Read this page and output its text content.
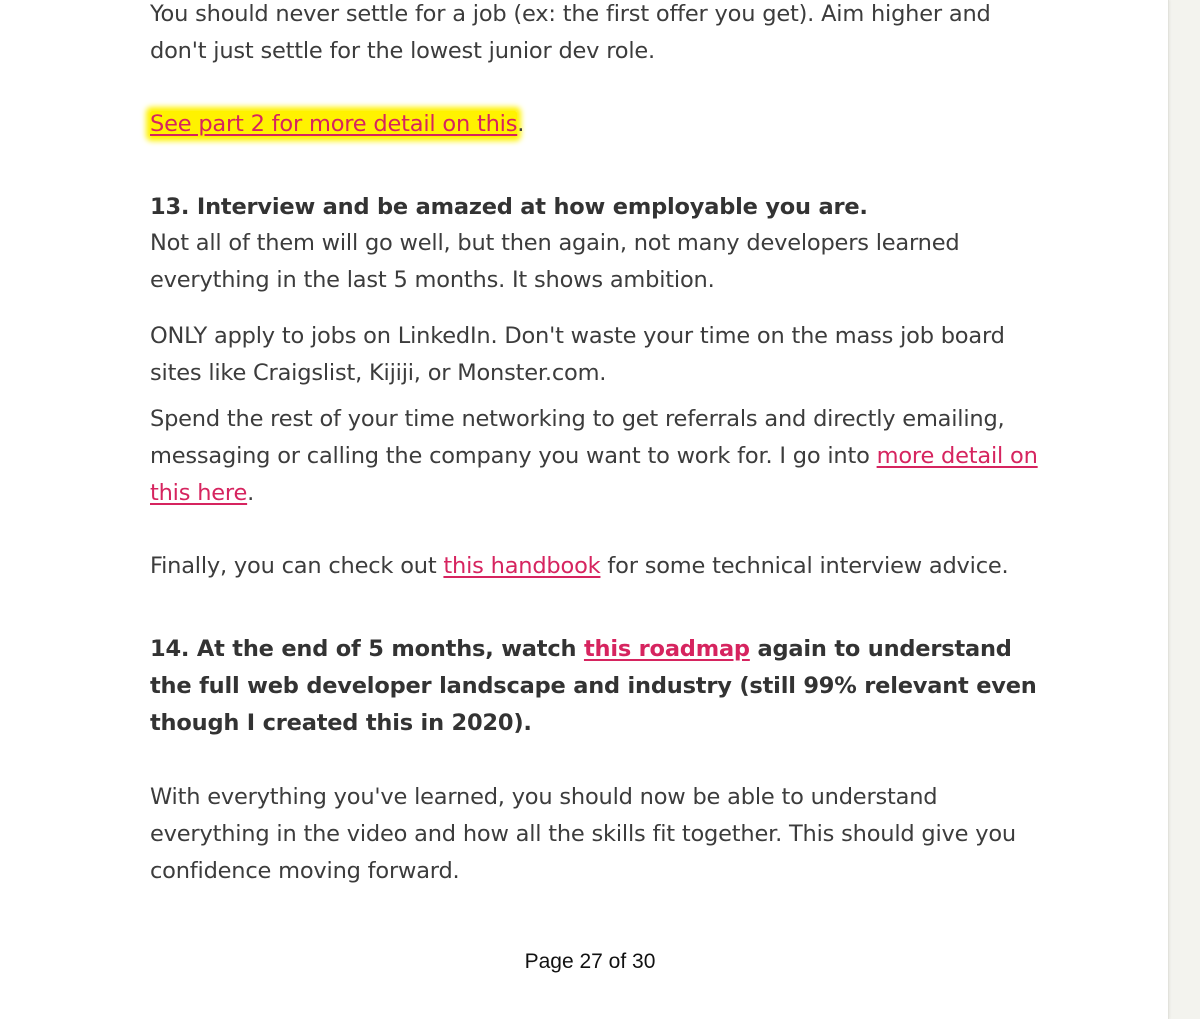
You should never settle for a job (ex: the first offer you get). Aim higher and don't just settle for the lowest junior dev role.

See part 2 for more detail on this.

13. Interview and be amazed at how employable you are.

Not all of them will go well, but then again, not many developers learned everything in the last 5 months. It shows ambition.

ONLY apply to jobs on LinkedIn. Don't waste your time on the mass job board sites like Craigslist, Kijiji, or Monster.com.

Spend the rest of your time networking to get referrals and directly emailing, messaging or calling the company you want to work for. I go into more detail on this here.

Finally, you can check out this handbook for some technical interview advice.

14. At the end of 5 months, watch this roadmap again to understand the full web developer landscape and industry (still 99% relevant even though I created this in 2020).

With everything you've learned, you should now be able to understand everything in the video and how all the skills fit together. This should give you confidence moving forward.

Page 27 of 30
